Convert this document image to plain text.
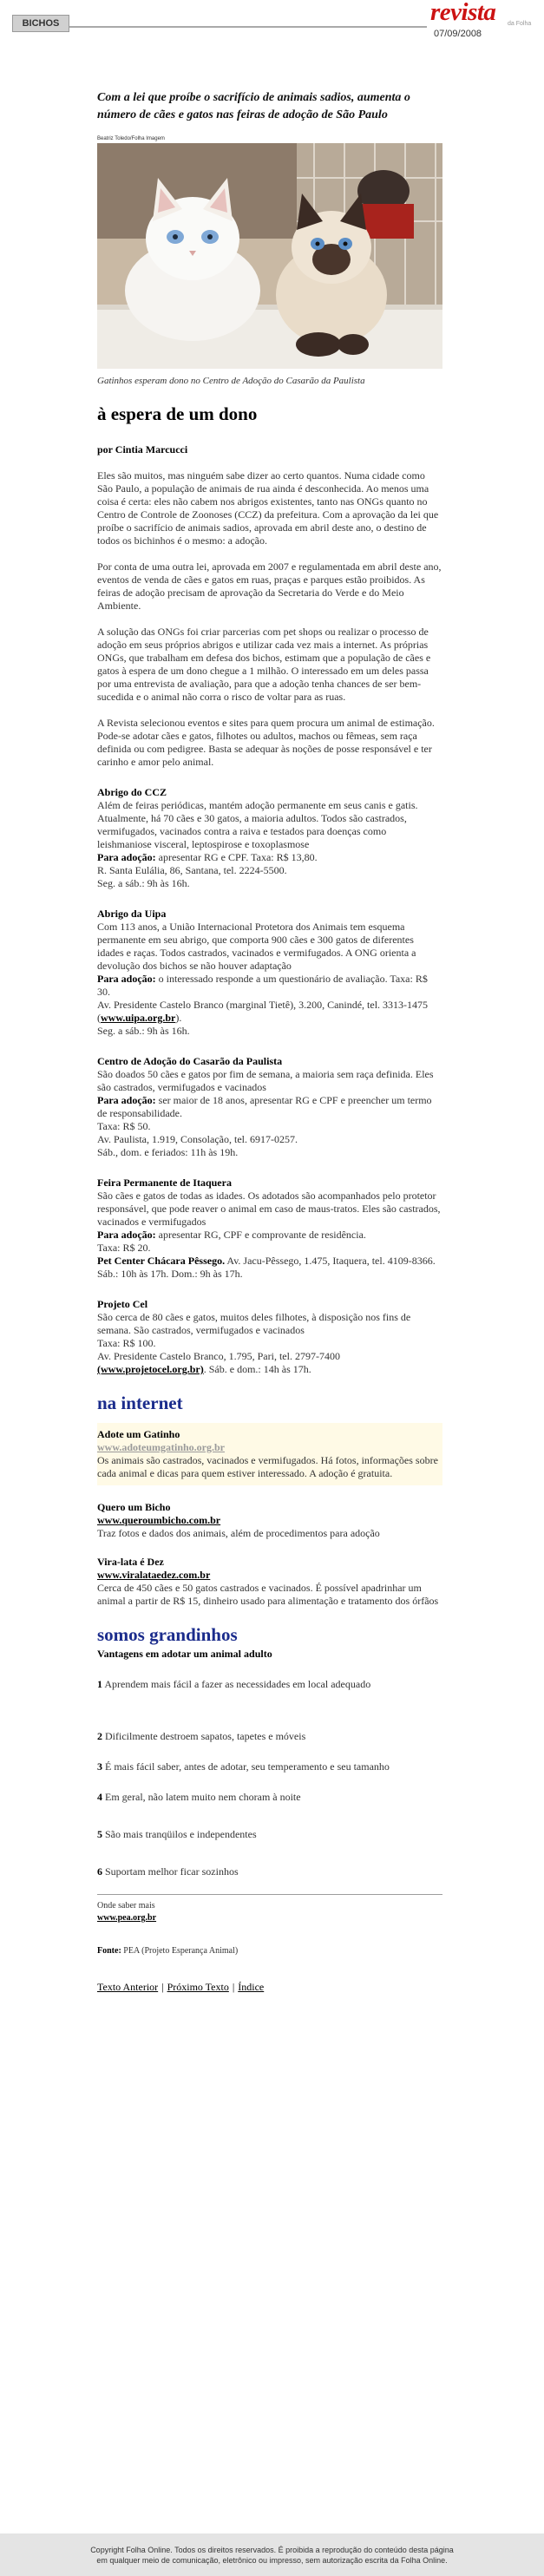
BICHOS	revista	da Folha
07/09/2008

Com a lei que proíbe o sacrifício de animais sadios, aumenta o número de cães e gatos nas feiras de adoção de São Paulo

Beatriz Toledo/Folha Imagem

Gatinhos esperam dono no Centro de Adoção do Casarão da Paulista

à espera de um dono

por Cintia Marcucci

Eles são muitos, mas ninguém sabe dizer ao certo quantos. Numa cidade como São Paulo, a população de animais de rua ainda é desconhecida. Ao menos uma coisa é certa: eles não cabem nos abrigos existentes, tanto nas ONGs quanto no Centro de Controle de Zoonoses (CCZ) da prefeitura. Com a aprovação da lei que proíbe o sacrifício de animais sadios, aprovada em abril deste ano, o destino de todos os bichinhos é o mesmo: a adoção.

Por conta de uma outra lei, aprovada em 2007 e regulamentada em abril deste ano, eventos de venda de cães e gatos em ruas, praças e parques estão proibidos. As feiras de adoção precisam de aprovação da Secretaria do Verde e do Meio Ambiente.

A solução das ONGs foi criar parcerias com pet shops ou realizar o processo de adoção em seus próprios abrigos e utilizar cada vez mais a internet. As próprias ONGs, que trabalham em defesa dos bichos, estimam que a população de cães e gatos à espera de um dono chegue a 1 milhão. O interessado em um deles passa por uma entrevista de avaliação, para que a adoção tenha chances de ser bem-sucedida e o animal não corra o risco de voltar para as ruas.

A Revista selecionou eventos e sites para quem procura um animal de estimação. Pode-se adotar cães e gatos, filhotes ou adultos, machos ou fêmeas, sem raça definida ou com pedigree. Basta se adequar às noções de posse responsável e ter carinho e amor pelo animal.

Abrigo do CCZ
Além de feiras periódicas, mantém adoção permanente em seus canis e gatis. Atualmente, há 70 cães e 30 gatos, a maioria adultos. Todos são castrados, vermifugados, vacinados contra a raiva e testados para doenças como leishmaniose visceral, leptospirose e toxoplasmose
Para adoção: apresentar RG e CPF. Taxa: R$ 13,80.
R. Santa Eulália, 86, Santana, tel. 2224-5500.
Seg. a sáb.: 9h às 16h.
Abrigo da Uipa
Com 113 anos, a União Internacional Protetora dos Animais tem esquema permanente em seu abrigo, que comporta 900 cães e 300 gatos de diferentes idades e raças. Todos castrados, vacinados e vermifugados. A ONG orienta a devolução dos bichos se não houver adaptação
Para adoção: o interessado responde a um questionário de avaliação. Taxa: R$ 30.
Av. Presidente Castelo Branco (marginal Tietê), 3.200, Canindé, tel. 3313-1475 (www.uipa.org.br).
Seg. a sáb.: 9h às 16h.
Centro de Adoção do Casarão da Paulista
São doados 50 cães e gatos por fim de semana, a maioria sem raça definida. Eles são castrados, vermifugados e vacinados
Para adoção: ser maior de 18 anos, apresentar RG e CPF e preencher um termo de responsabilidade.
Taxa: R$ 50.
Av. Paulista, 1.919, Consolação, tel. 6917-0257.
Sáb., dom. e feriados: 11h às 19h.
Feira Permanente de Itaquera
São cães e gatos de todas as idades. Os adotados são acompanhados pelo protetor responsável, que pode reaver o animal em caso de maus-tratos. Eles são castrados, vacinados e vermifugados
Para adoção: apresentar RG, CPF e comprovante de residência.
Taxa: R$ 20.
Pet Center Chácara Pêssego. Av. Jacu-Pêssego, 1.475, Itaquera, tel. 4109-8366.
Sáb.: 10h às 17h. Dom.: 9h às 17h.
Projeto Cel
São cerca de 80 cães e gatos, muitos deles filhotes, à disposição nos fins de semana. São castrados, vermifugados e vacinados
Taxa: R$ 100.
Av. Presidente Castelo Branco, 1.795, Pari, tel. 2797-7400
(www.projetocel.org.br). Sáb. e dom.: 14h às 17h.
na internet
Adote um Gatinho
www.adoteumgatinho.org.br
Os animais são castrados, vacinados e vermifugados. Há fotos, informações sobre cada animal e dicas para quem estiver interessado. A adoção é gratuita.
Quero um Bicho
www.queroumbicho.com.br
Traz fotos e dados dos animais, além de procedimentos para adoção
Vira-lata é Dez
www.viralataedez.com.br
Cerca de 450 cães e 50 gatos castrados e vacinados. É possível apadrinhar um animal a partir de R$ 15, dinheiro usado para alimentação e tratamento dos órfãos
somos grandinhos

Vantagens em adotar um animal adulto

1 Aprendem mais fácil a fazer as necessidades em local adequado

2 Dificilmente destroem sapatos, tapetes e móveis

3 É mais fácil saber, antes de adotar, seu temperamento e seu tamanho

4 Em geral, não latem muito nem choram à noite

5 São mais tranqüilos e independentes

6 Suportam melhor ficar sozinhos

Onde saber mais
www.pea.org.br

Fonte: PEA (Projeto Esperança Animal)

Texto Anterior | Próximo Texto | Índice

Copyright Folha Online. Todos os direitos reservados. É proibida a reprodução do conteúdo desta página

em qualquer meio de comunicação, eletrônico ou impresso, sem autorização escrita da Folha Online.
